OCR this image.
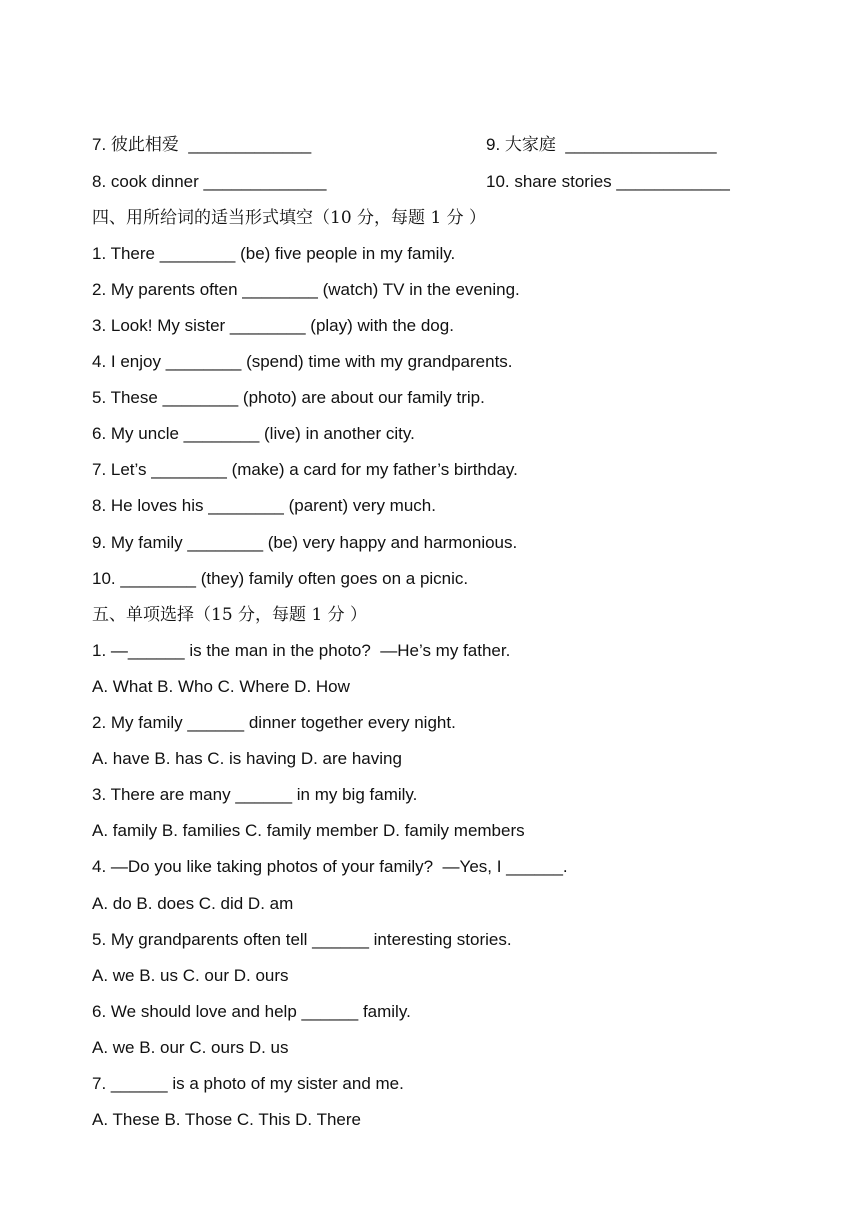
7. 彼此相爱  _____________	9. 大家庭  ________________
8. cook dinner _____________	10. share stories ____________
四、用所给词的适当形式填空（10 分，每题 1 分 ）
1. There ________ (be) five people in my family.
2. My parents often ________ (watch) TV in the evening.
3. Look! My sister ________ (play) with the dog.
4. I enjoy ________ (spend) time with my grandparents.
5. These ________ (photo) are about our family trip.
6. My uncle ________ (live) in another city.
7. Let’s ________ (make) a card for my father’s birthday.
8. He loves his ________ (parent) very much.
9. My family ________ (be) very happy and harmonious.
10. ________ (they) family often goes on a picnic.
五、单项选择（15 分，每题 1 分 ）
1. —______ is the man in the photo?  —He’s my father.
A. What B. Who C. Where D. How
2. My family ______ dinner together every night.
A. have B. has C. is having D. are having
3. There are many ______ in my big family.
A. family B. families C. family member D. family members
4. —Do you like taking photos of your family?  —Yes, I ______.
A. do B. does C. did D. am
5. My grandparents often tell ______ interesting stories.
A. we B. us C. our D. ours
6. We should love and help ______ family.
A. we B. our C. ours D. us
7. ______ is a photo of my sister and me.
A. These B. Those C. This D. There
